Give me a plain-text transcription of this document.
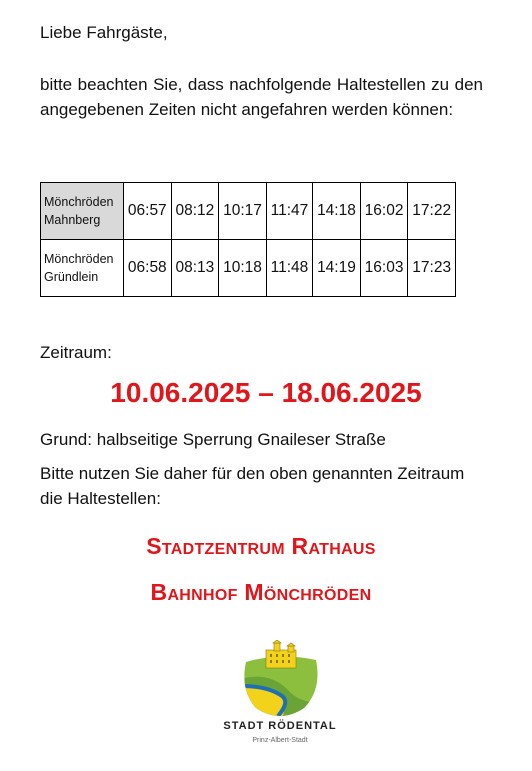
Liebe Fahrgäste,
bitte beachten Sie, dass nachfolgende Haltestellen zu den angegebenen Zeiten nicht angefahren werden können:
Mönchröden
Mahnberg	06:57	08:12	10:17	11:47	14:18	16:02	17:22
Mönchröden
Gründlein	06:58	08:13	10:18	11:48	14:19	16:03	17:23
Zeitraum:
10.06.2025 – 18.06.2025
Grund: halbseitige Sperrung Gnaileser Straße
Bitte nutzen Sie daher für den oben genannten Zeitraum die Haltestellen:
Stadtzentrum Rathaus
Bahnhof Mönchröden
STADT RÖDENTAL
Prinz-Albert-Stadt
